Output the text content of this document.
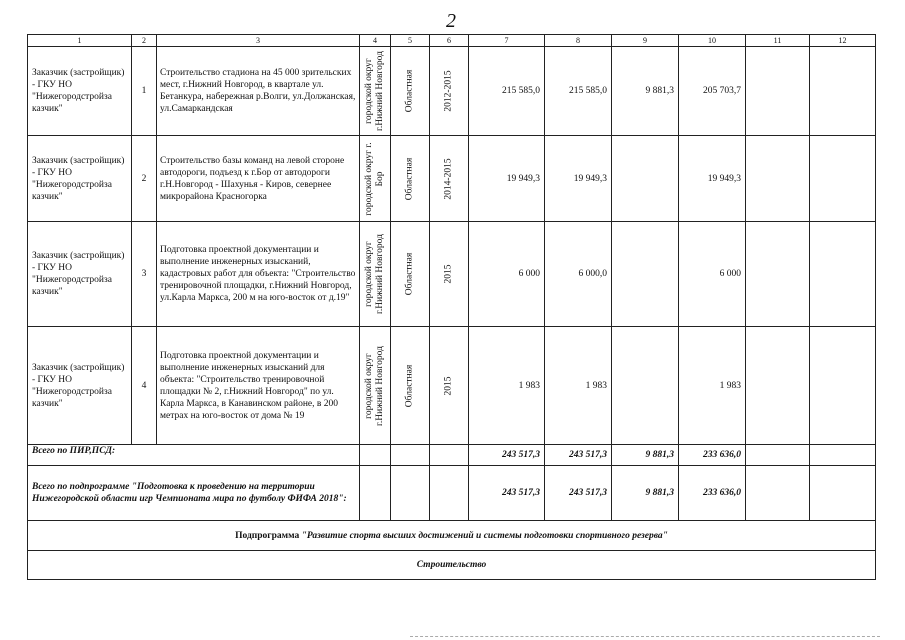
2
1	2	3	4	5	6	7	8	9	10	11	12
Заказчик (застройщик) - ГКУ НО "Нижегородстройза казчик"	1	Строительство стадиона на 45 000 зрительских мест, г.Нижний Новгород, в квартале ул. Бетанкура, набережная р.Волги, ул.Должанская, ул.Самаркандская	городской округ г.Нижний Новгород	Областная	2012-2015	215 585,0	215 585,0	9 881,3	205 703,7		
Заказчик (застройщик) - ГКУ НО "Нижегородстройза казчик"	2	Строительство базы команд на левой стороне автодороги, подъезд к г.Бор от автодороги г.Н.Новгород - Шахунья - Киров, севернее микрорайона Красногорка	городской округ г. Бор	Областная	2014-2015	19 949,3	19 949,3		19 949,3		
Заказчик (застройщик) - ГКУ НО "Нижегородстройза казчик"	3	Подготовка проектной документации и выполнение инженерных изысканий, кадастровых работ для объекта: "Строительство тренировочной площадки, г.Нижний Новгород, ул.Карла Маркса, 200 м на юго-восток от д.19"	городской округ г.Нижний Новгород	Областная	2015	6 000	6 000,0		6 000		
Заказчик (застройщик) - ГКУ НО "Нижегородстройза казчик"	4	Подготовка проектной документации и выполнение инженерных изысканий для объекта: "Строительство тренировочной площадки № 2, г.Нижний Новгород" по ул. Карла Маркса, в Канавинском районе, в 200 метрах на юго-восток от дома № 19	городской округ г.Нижний Новгород	Областная	2015	1 983	1 983		1 983		
Всего по ПИР,ПСД:						243 517,3	243 517,3	9 881,3	233 636,0		
Всего по подпрограмме "Подготовка к проведению на территории Нижегородской области игр Чемпионата мира по футболу ФИФА 2018":						243 517,3	243 517,3	9 881,3	233 636,0		
Подпрограмма "Развитие спорта высших достижений и системы подготовки спортивного резерва"											
Строительство											
